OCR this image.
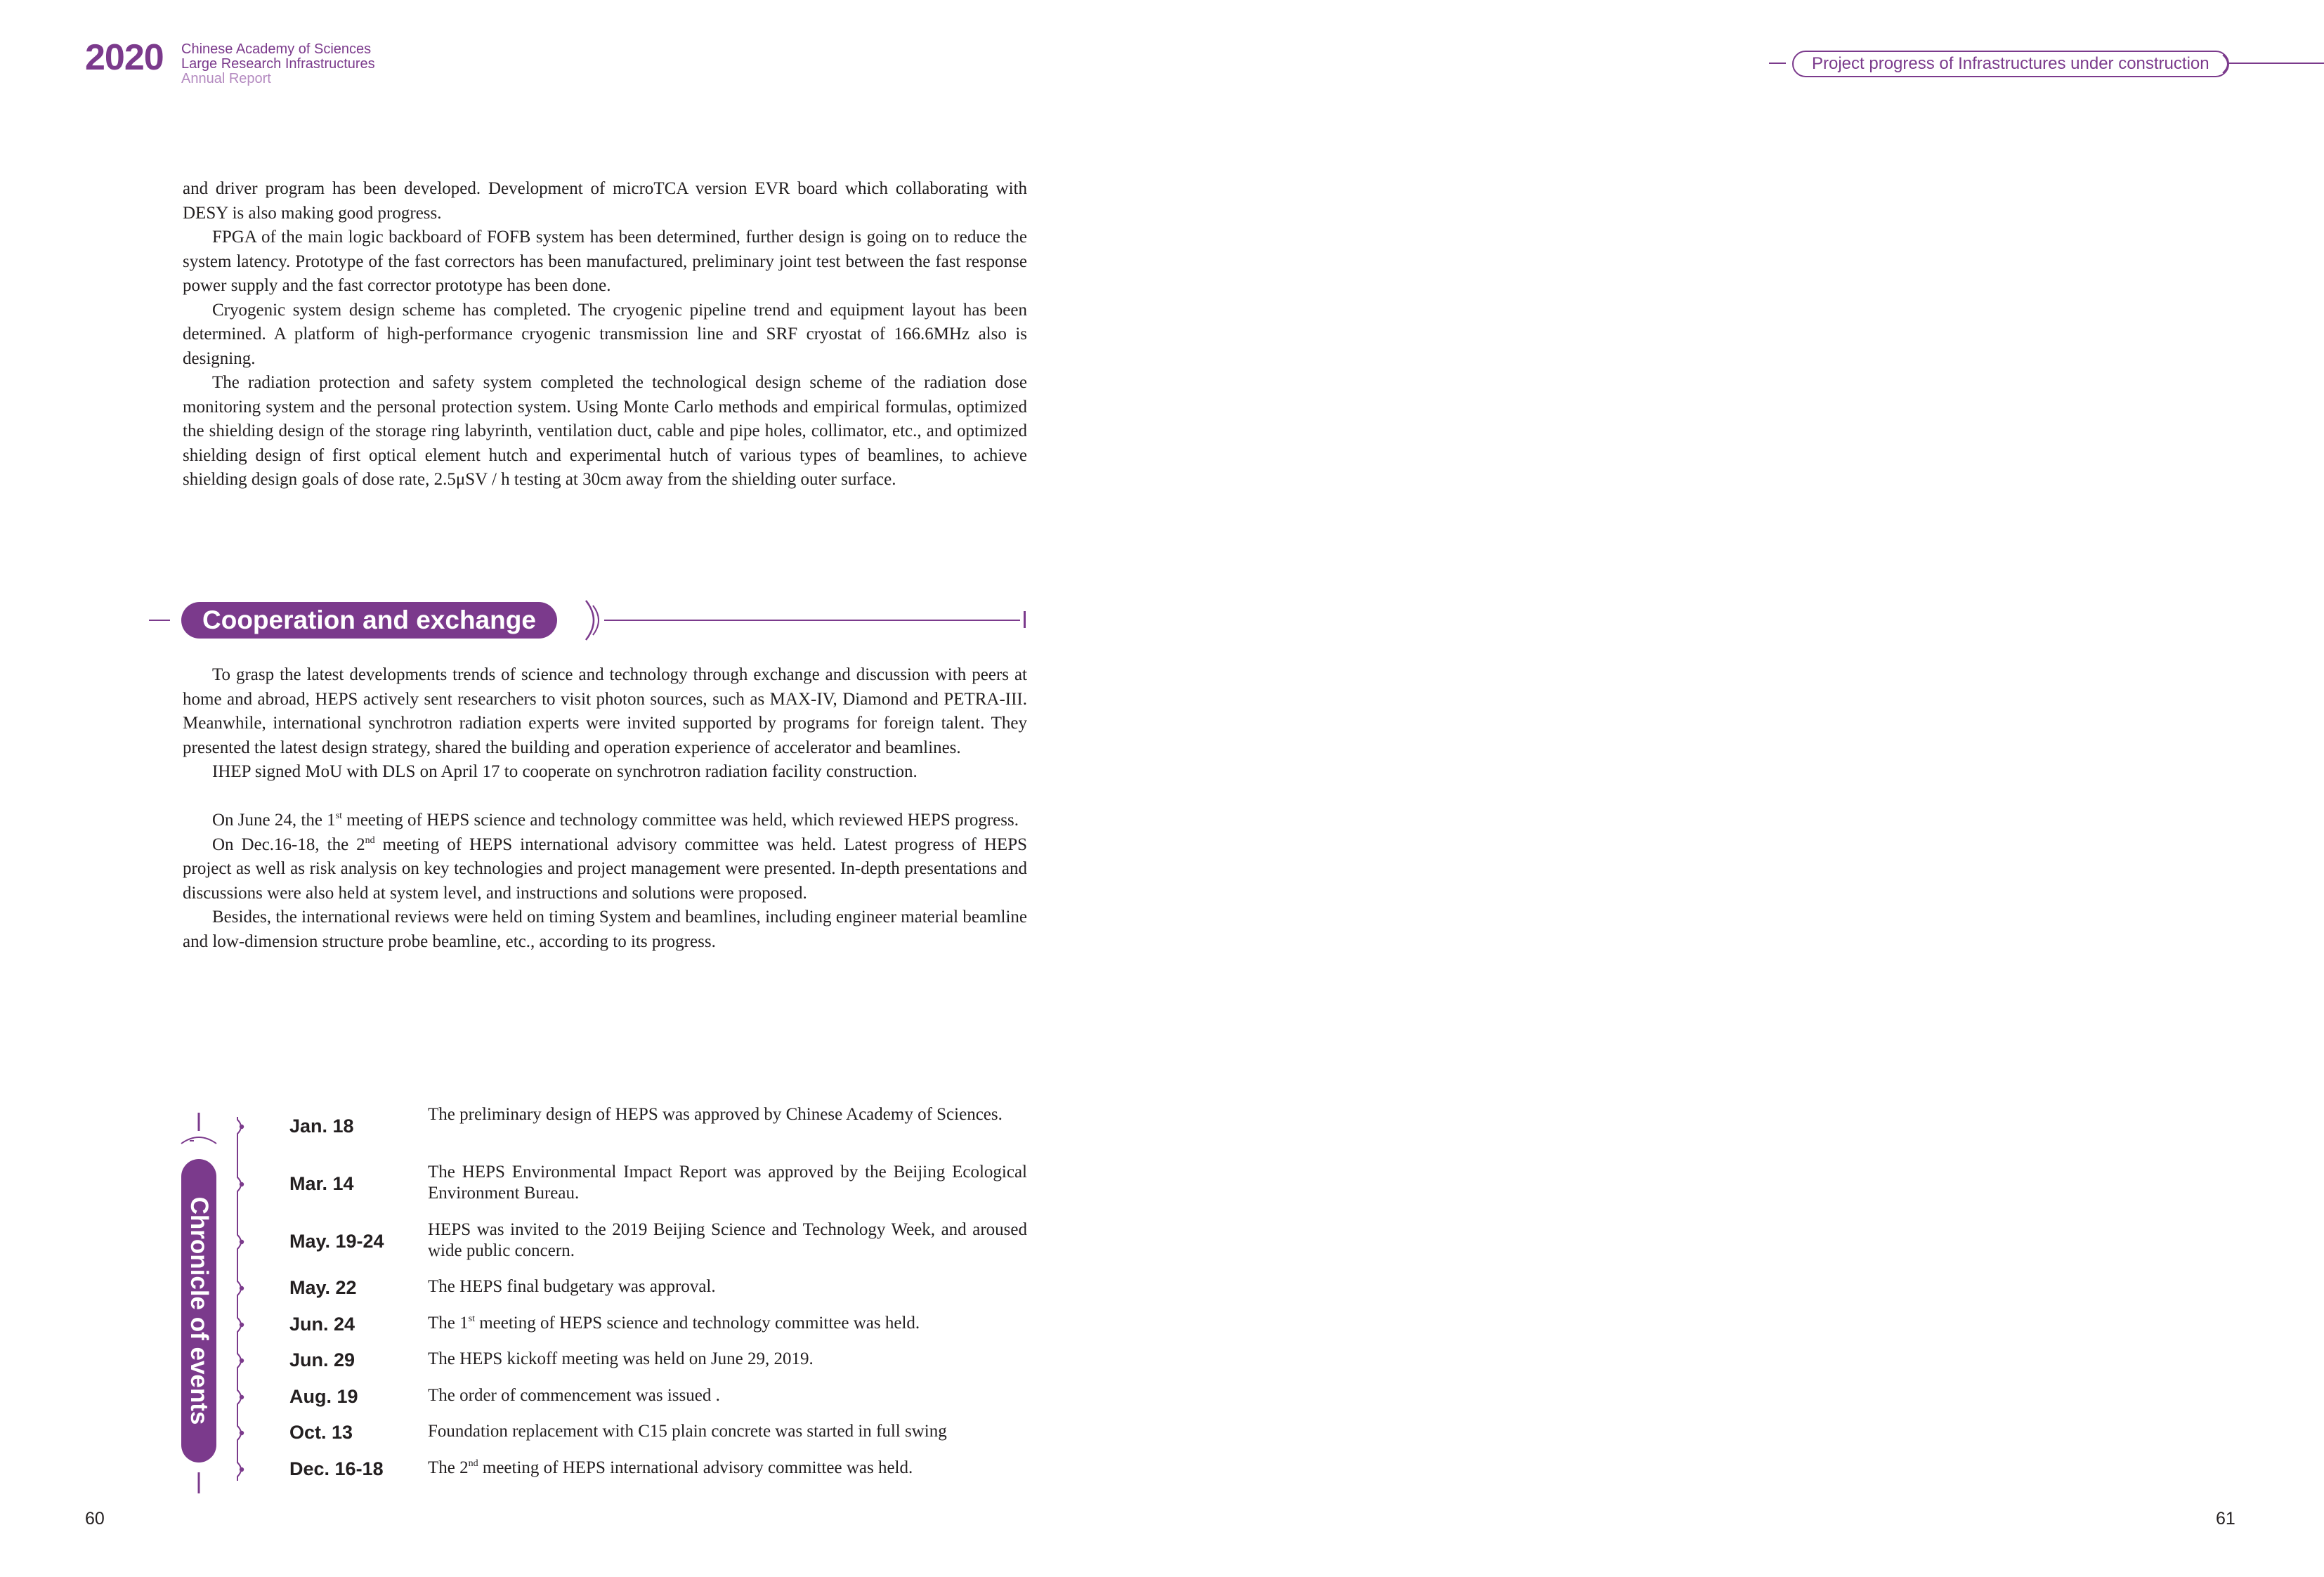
2020 Chinese Academy of Sciences
Large Research Infrastructures
Annual Report
Project progress of Infrastructures under construction

and driver program has been developed. Development of microTCA version EVR board which collaborating with DESY is also making good progress.

FPGA of the main logic backboard of FOFB system has been determined, further design is going on to reduce the system latency. Prototype of the fast correctors has been manufactured, preliminary joint test between the fast response power supply and the fast corrector prototype has been done.

Cryogenic system design scheme has completed. The cryogenic pipeline trend and equipment layout has been determined. A platform of high-performance cryogenic transmission line and SRF cryostat of 166.6MHz also is designing.

The radiation protection and safety system completed the technological design scheme of the radiation dose monitoring system and the personal protection system. Using Monte Carlo methods and empirical formulas, optimized the shielding design of the storage ring labyrinth, ventilation duct, cable and pipe holes, collimator, etc., and optimized shielding design of first optical element hutch and experimental hutch of various types of beamlines, to achieve shielding design goals of dose rate, 2.5μSV / h testing at 30cm away from the shielding outer surface.

Cooperation and exchange

To grasp the latest developments trends of science and technology through exchange and discussion with peers at home and abroad, HEPS actively sent researchers to visit photon sources, such as MAX-IV, Diamond and PETRA-III. Meanwhile, international synchrotron radiation experts were invited supported by programs for foreign talent. They presented the latest design strategy, shared the building and operation experience of accelerator and beamlines.

IHEP signed MoU with DLS on April 17 to cooperate on synchrotron radiation facility construction.

On June 24, the 1st meeting of HEPS science and technology committee was held, which reviewed HEPS progress.

On Dec.16-18, the 2nd meeting of HEPS international advisory committee was held. Latest progress of HEPS project as well as risk analysis on key technologies and project management were presented. In-depth presentations and discussions were also held at system level, and instructions and solutions were proposed.

Besides, the international reviews were held on timing System and beamlines, including engineer material beamline and low-dimension structure probe beamline, etc., according to its progress.

Chronicle of events
Jan. 18
The preliminary design of HEPS was approved by Chinese Academy of Sciences.
Mar. 14
The HEPS Environmental Impact Report was approved by the Beijing Ecological Environment Bureau.
May. 19-24
HEPS was invited to the 2019 Beijing Science and Technology Week, and aroused wide public concern.
May. 22	The HEPS final budgetary was approval.
Jun. 24	The 1st meeting of HEPS science and technology committee was held.
Jun. 29	The HEPS kickoff meeting was held on June 29, 2019.
Aug. 19	The order of commencement was issued .
Oct. 13	Foundation replacement with C15 plain concrete was started in full swing
Dec. 16-18	The 2nd meeting of HEPS international advisory committee was held.
60	61
